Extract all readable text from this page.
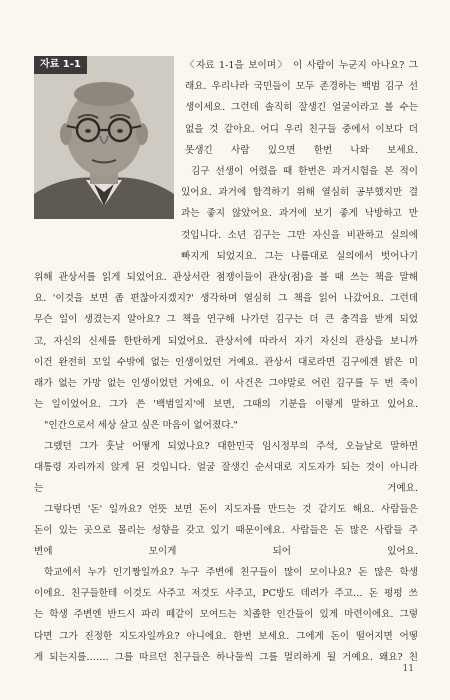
자료 1-1	〈자료 1-1을 보이며〉 이 사람이 누군지 아나요? 그
래요. 우리나라 국민들이 모두 존경하는 백범 김구 선
생이세요. 그런데 솔직히 잘생긴 얼굴이라고 볼 수는
없을 것 같아요. 어디 우리 친구들 중에서 이보다 더
못생긴 사람 있으면 한번 나와 보세요.

김구 선생이 어렸을 때 한번은 과거시험을 본 적이
있어요. 과거에 합격하기 위해 열심히 공부했지만 결
과는 좋지 않았어요. 과거에 보기 좋게 낙방하고 만
것입니다. 소년 김구는 그만 자신을 비관하고 실의에
빠지게 되었지요. 그는 나름대로 실의에서 벗어나기

위해 관상서를 읽게 되었어요. 관상서란 점쟁이들이 관상(점)을 볼 때 쓰는 책을 말해
요. '이것을 보면 좀 편찮아지겠지?' 생각하며 열심히 그 책을 읽어 나갔어요. 그런데
무슨 일이 생겼는지 알아요? 그 책을 연구해 나가던 김구는 더 큰 충격을 받게 되었
고, 자신의 신세를 한탄하게 되었어요. 관상서에 따라서 자기 자신의 관상을 보니까
이건 완전히 꼬일 수밖에 없는 인생이었던 거예요. 관상서 대로라면 김구에겐 밝은 미
래가 없는 가망 없는 인생이었던 거예요. 이 사건은 그야말로 어린 김구를 두 번 죽이
는 일이었어요. 그가 쓴 '백범일지'에 보면, 그때의 기분을 이렇게 말하고 있어요.

"인간으로서 세상 살고 싶은 마음이 없어졌다."

그랬던 그가 훗날 어떻게 되었나요? 대한민국 임시정부의 주석, 오늘날로 말하면
대통령 자리까지 앉게 된 것입니다. 얼굴 잘생긴 순서대로 지도자가 되는 것이 아니라
는 거예요.

그렇다면 '돈' 일까요? 언뜻 보면 돈이 지도자를 만드는 것 같기도 해요. 사람들은
돈이 있는 곳으로 몰리는 성향을 갖고 있기 때문이에요. 사람들은 돈 많은 사람들 주
변에 모이게 되어 있어요.

학교에서 누가 인기짱일까요? 누구 주변에 친구들이 많이 모이나요? 돈 많은 학생
이에요. 친구들한테 이것도 사주고 저것도 사주고, PC방도 데려가 주고… 돈 펑펑 쓰
는 학생 주변엔 반드시 파리 떼같이 모여드는 치졸한 인간들이 있게 마련이에요. 그렇
다면 그가 진정한 지도자일까요? 아니에요. 한번 보세요. 그에게 돈이 떨어지면 어떻
게 되는지를……. 그를 따르던 친구들은 하나둘씩 그를 멀리하게 될 거예요. 왜요? 친

11
